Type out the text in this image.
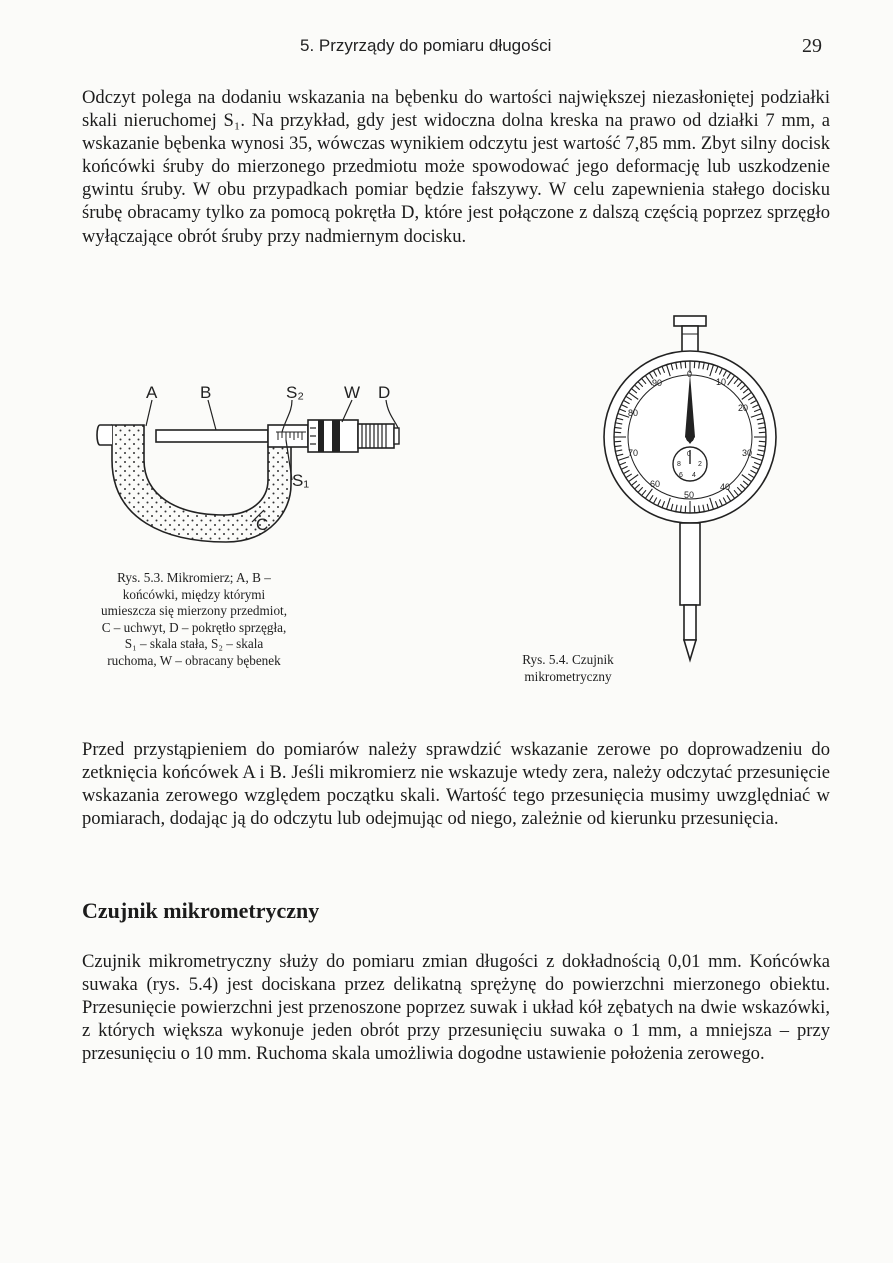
5. Przyrządy do pomiaru długości	29

Odczyt polega na dodaniu wskazania na bębenku do wartości największej niezasłoniętej podziałki skali nieruchomej S₁. Na przykład, gdy jest widoczna dolna kreska na prawo od działki 7 mm, a wskazanie bębenka wynosi 35, wówczas wynikiem odczytu jest wartość 7,85 mm. Zbyt silny docisk końcówki śruby do mierzonego przedmiotu może spowodować jego deformację lub uszkodzenie gwintu śruby. W obu przypadkach pomiar będzie fałszywy. W celu zapewnienia stałego docisku śrubę obracamy tylko za pomocą pokrętła D, które jest połączone z dalszą częścią poprzez sprzęgło wyłączające obrót śruby przy nadmiernym docisku.

A	B	S₂ W D
S₁
C
Rys. 5.3. Mikromierz; A, B – końcówki, między którymi umieszcza się mierzony przedmiot, C – uchwyt, D – pokrętło sprzęgła, S₁ – skala stała, S₂ – skala ruchoma, W – obracany bębenek
0
10
20
30
40
50
60
70
80
90
0
2
4
6
8
Rys. 5.4. Czujnik mikrometryczny

Przed przystąpieniem do pomiarów należy sprawdzić wskazanie zerowe po doprowadzeniu do zetknięcia końcówek A i B. Jeśli mikromierz nie wskazuje wtedy zera, należy odczytać przesunięcie wskazania zerowego względem początku skali. Wartość tego przesunięcia musimy uwzględniać w pomiarach, dodając ją do odczytu lub odejmując od niego, zależnie od kierunku przesunięcia.

Czujnik mikrometryczny

Czujnik mikrometryczny służy do pomiaru zmian długości z dokładnością 0,01 mm. Końcówka suwaka (rys. 5.4) jest dociskana przez delikatną sprężynę do powierzchni mierzonego obiektu. Przesunięcie powierzchni jest przenoszone poprzez suwak i układ kół zębatych na dwie wskazówki, z których większa wykonuje jeden obrót przy przesunięciu suwaka o 1 mm, a mniejsza – przy przesunięciu o 10 mm. Ruchoma skala umożliwia dogodne ustawienie położenia zerowego.
